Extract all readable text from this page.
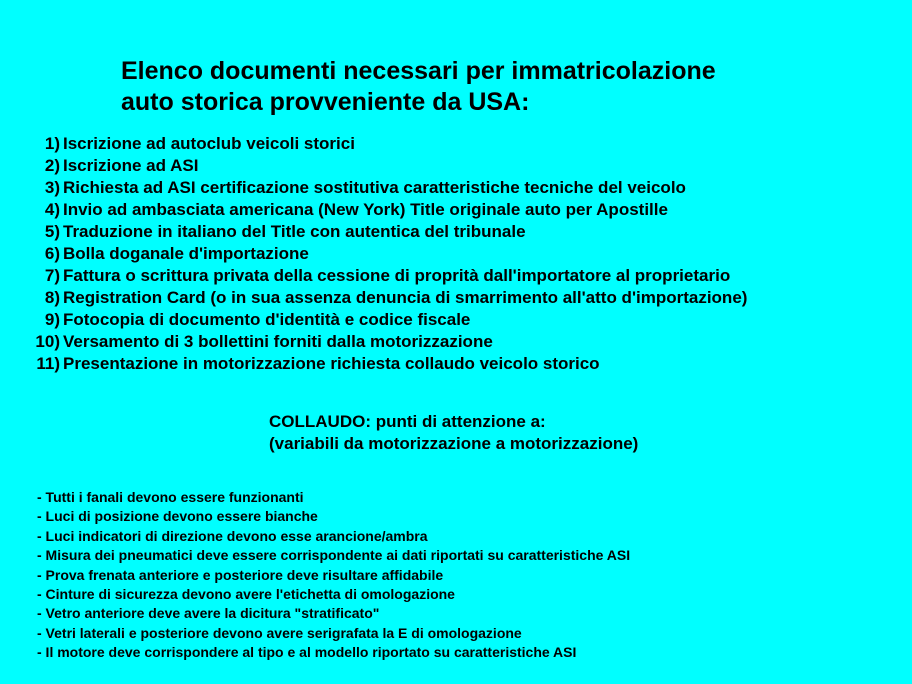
Elenco documenti necessari per immatricolazione
auto storica provveniente da USA:
1) Iscrizione ad autoclub veicoli storici
2) Iscrizione ad ASI
3) Richiesta ad ASI certificazione sostitutiva caratteristiche tecniche del veicolo
4) Invio ad ambasciata americana (New York) Title originale auto per Apostille
5) Traduzione in italiano del Title con autentica del tribunale
6) Bolla doganale d'importazione
7) Fattura o scrittura privata della cessione di proprità dall'importatore al proprietario
8) Registration Card (o in sua assenza denuncia di smarrimento all'atto d'importazione)
9) Fotocopia di documento d'identità e codice fiscale
10) Versamento di 3 bollettini forniti dalla motorizzazione
11) Presentazione in motorizzazione richiesta collaudo veicolo storico
COLLAUDO: punti di attenzione a:
(variabili da motorizzazione a motorizzazione)
- Tutti i fanali devono essere funzionanti
- Luci di posizione devono essere bianche
- Luci indicatori di direzione devono esse arancione/ambra
- Misura dei pneumatici deve essere corrispondente ai dati riportati su caratteristiche ASI
- Prova frenata anteriore e posteriore deve risultare affidabile
- Cinture di sicurezza devono avere l'etichetta di omologazione
- Vetro anteriore deve avere la dicitura "stratificato"
- Vetri laterali e posteriore devono avere serigrafata la E di omologazione
- Il motore deve corrispondere al tipo e al modello riportato su caratteristiche ASI
